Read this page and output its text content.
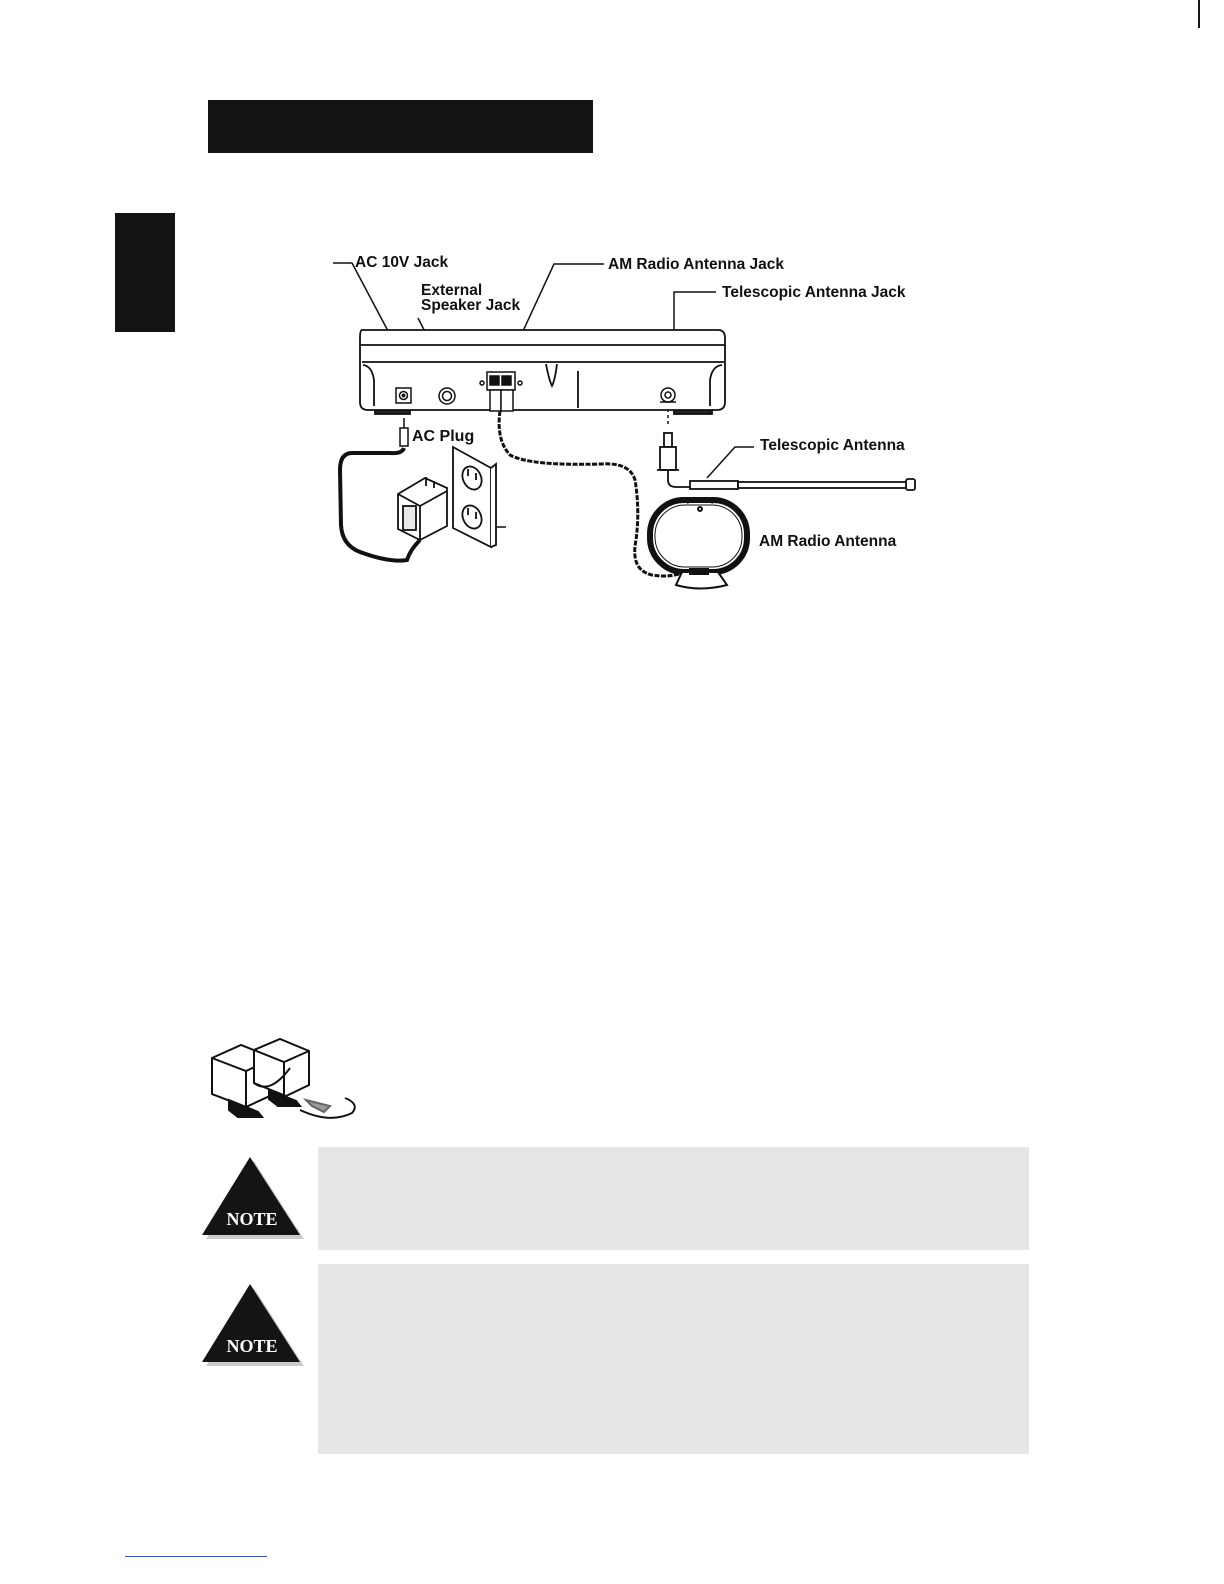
AC 10V Jack
External
Speaker Jack
AM Radio Antenna Jack
Telescopic Antenna Jack
AC Plug
Telescopic Antenna
AM Radio Antenna
NOTE
NOTE
